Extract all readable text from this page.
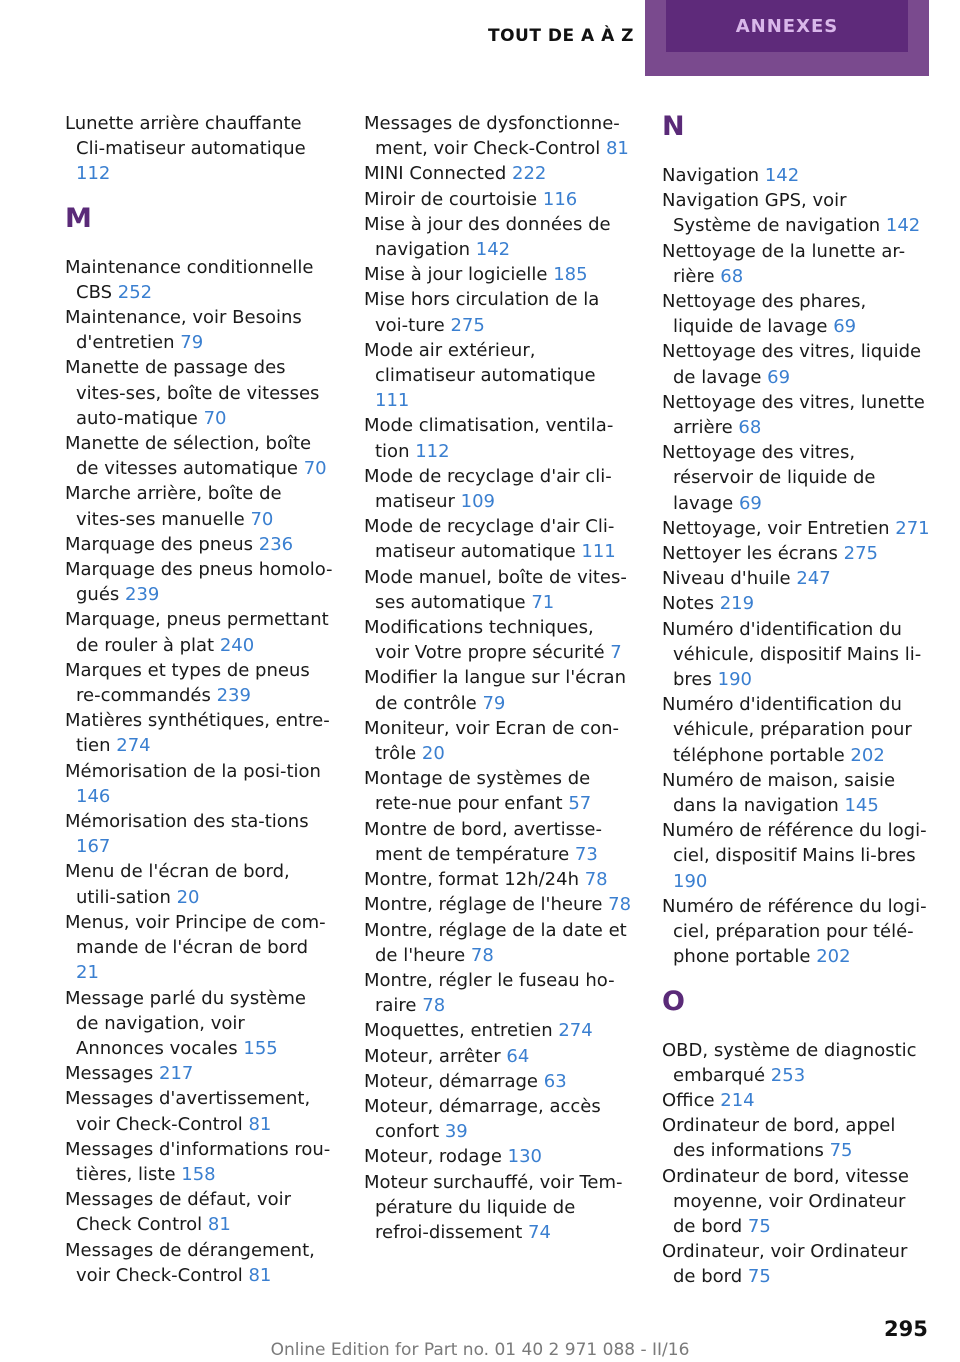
TOUT DE A À Z	ANNEXES

Lunette arrière chauffante Cli-matiseur automatique 112

M

Maintenance conditionnelle CBS 252

Maintenance, voir Besoins d'entretien 79

Manette de passage des vites-ses, boîte de vitesses auto-matique 70

Manette de sélection, boîte de vitesses automatique 70

Marche arrière, boîte de vites-ses manuelle 70

Marquage des pneus 236

Marquage des pneus homolo-gués 239

Marquage, pneus permettant de rouler à plat 240

Marques et types de pneus re-commandés 239

Matières synthétiques, entre-tien 274

Mémorisation de la posi-tion 146

Mémorisation des sta-tions 167

Menu de l'écran de bord, utili-sation 20

Menus, voir Principe de com-mande de l'écran de bord 21

Message parlé du système de navigation, voir Annonces vocales 155

Messages 217

Messages d'avertissement, voir Check-Control 81

Messages d'informations rou-tières, liste 158

Messages de défaut, voir Check Control 81

Messages de dérangement, voir Check-Control 81

Messages de dysfonctionne-ment, voir Check-Control 81

MINI Connected 222

Miroir de courtoisie 116

Mise à jour des données de navigation 142

Mise à jour logicielle 185

Mise hors circulation de la voi-ture 275

Mode air extérieur, climatiseur automatique 111

Mode climatisation, ventila-tion 112

Mode de recyclage d'air cli-matiseur 109

Mode de recyclage d'air Cli-matiseur automatique 111

Mode manuel, boîte de vites-ses automatique 71

Modifications techniques, voir Votre propre sécurité 7

Modifier la langue sur l'écran de contrôle 79

Moniteur, voir Ecran de con-trôle 20

Montage de systèmes de rete-nue pour enfant 57

Montre de bord, avertisse-ment de température 73

Montre, format 12h/24h 78

Montre, réglage de l'heure 78

Montre, réglage de la date et de l'heure 78

Montre, régler le fuseau ho-raire 78

Moquettes, entretien 274

Moteur, arrêter 64

Moteur, démarrage 63

Moteur, démarrage, accès confort 39

Moteur, rodage 130

Moteur surchauffé, voir Tem-pérature du liquide de refroi-dissement 74

N

Navigation 142

Navigation GPS, voir Système de navigation 142

Nettoyage de la lunette ar-rière 68

Nettoyage des phares, liquide de lavage 69

Nettoyage des vitres, liquide de lavage 69

Nettoyage des vitres, lunette arrière 68

Nettoyage des vitres, réservoir de liquide de lavage 69

Nettoyage, voir Entretien 271

Nettoyer les écrans 275

Niveau d'huile 247

Notes 219

Numéro d'identification du véhicule, dispositif Mains li-bres 190

Numéro d'identification du véhicule, préparation pour téléphone portable 202

Numéro de maison, saisie dans la navigation 145

Numéro de référence du logi-ciel, dispositif Mains li-bres 190

Numéro de référence du logi-ciel, préparation pour télé-phone portable 202

O

OBD, système de diagnostic embarqué 253

Office 214

Ordinateur de bord, appel des informations 75

Ordinateur de bord, vitesse moyenne, voir Ordinateur de bord 75

Ordinateur, voir Ordinateur de bord 75

295
Online Edition for Part no. 01 40 2 971 088 - II/16
